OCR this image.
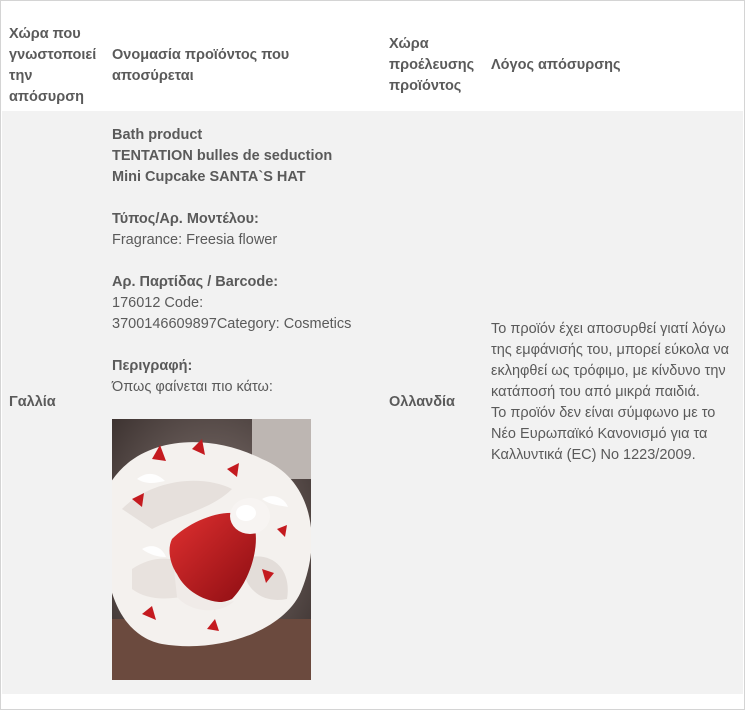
Χώρα που γνωστοποιεί την απόσυρση
Ονομασία προϊόντος που αποσύρεται
Χώρα προέλευσης προϊόντος
Λόγος απόσυρσης
Γαλλία
Bath product
TENTATION bulles de seduction
Mini Cupcake SANTA`S HAT
Τύπος/Αρ. Μοντέλου:
Fragrance: Freesia flower
Αρ. Παρτίδας / Barcode:
176012 Code:
3700146609897Category: Cosmetics
Περιγραφή:
Όπως φαίνεται πιο κάτω:
Ολλανδία
Το προϊόν έχει αποσυρθεί γιατί λόγω της εμφάνισής του, μπορεί εύκολα να εκληφθεί ως τρόφιμο, με κίνδυνο την κατάποσή του από μικρά παιδιά.
Το προϊόν δεν είναι σύμφωνο με το Νέο Ευρωπαϊκό Κανονισμό για τα Καλλυντικά (EC) No 1223/2009.
